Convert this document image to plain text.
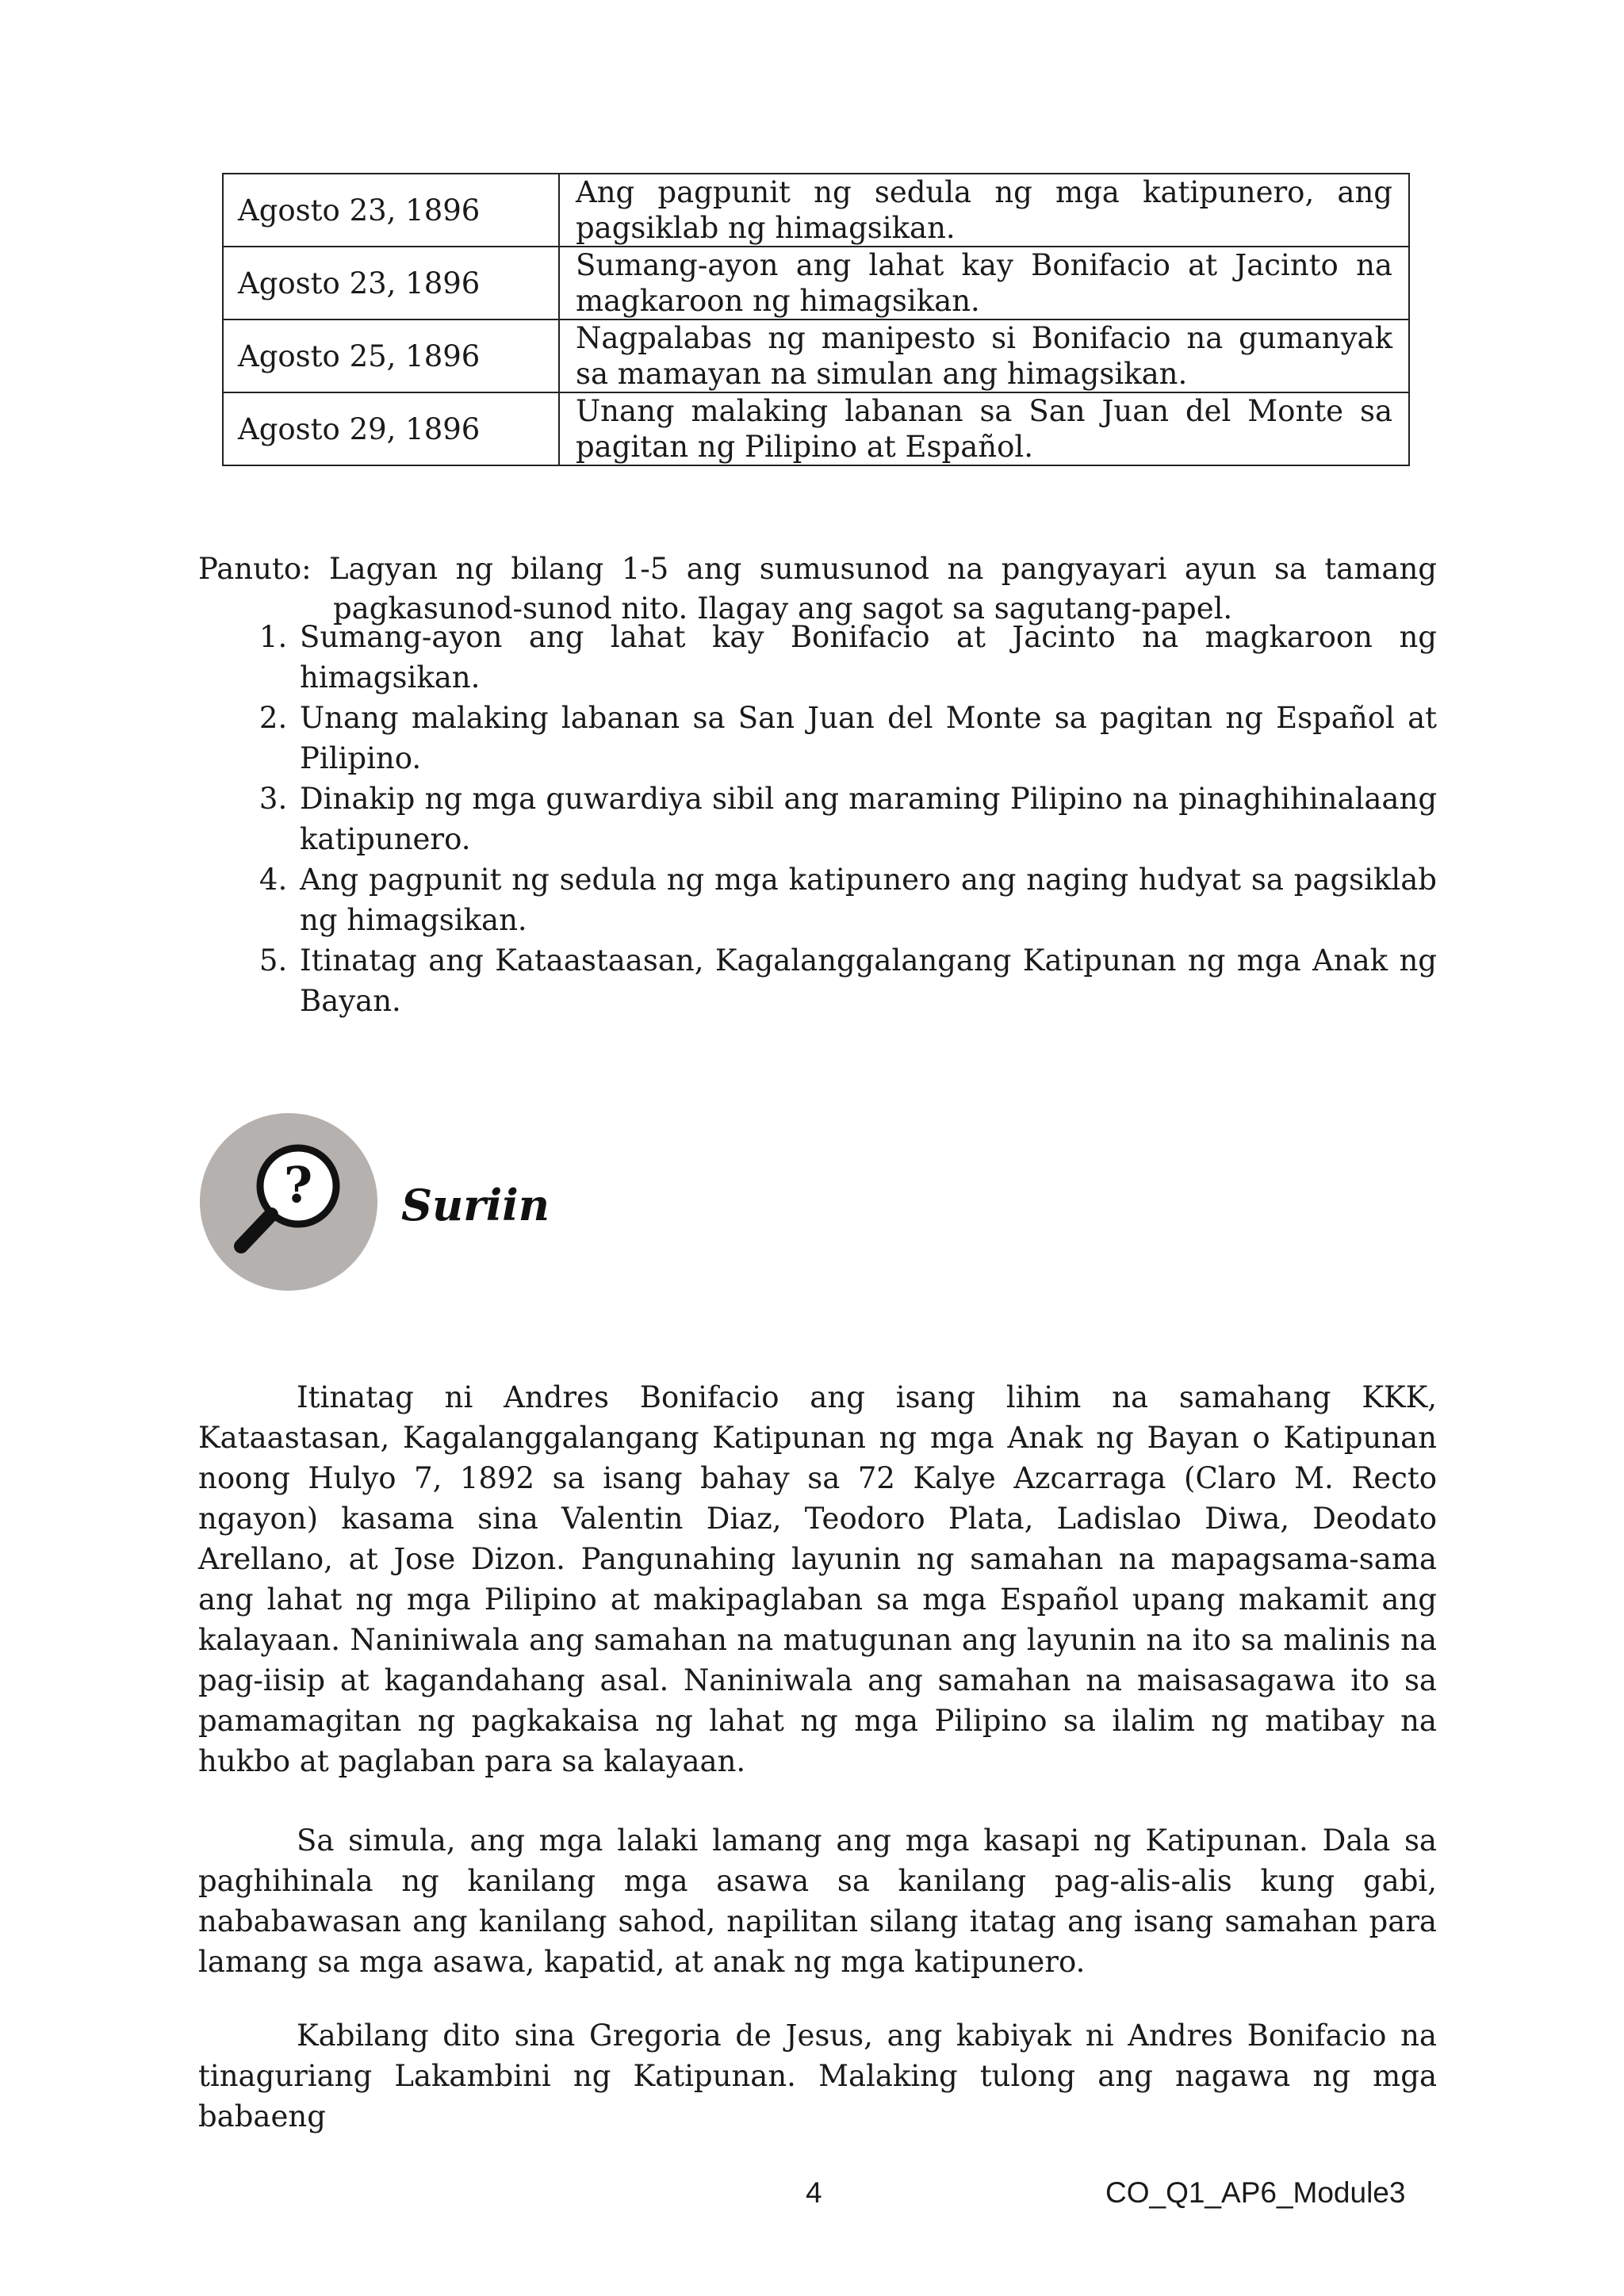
Agosto 23, 1896	Ang pagpunit ng sedula ng mga katipunero, ang pagsiklab ng himagsikan.
Agosto 23, 1896	Sumang-ayon ang lahat kay Bonifacio at Jacinto na magkaroon ng himagsikan.
Agosto 25, 1896	Nagpalabas ng manipesto si Bonifacio na gumanyak sa mamayan na simulan ang himagsikan.
Agosto 29, 1896	Unang malaking labanan sa San Juan del Monte sa pagitan ng Pilipino at Español.

Panuto: Lagyan ng bilang 1-5 ang sumusunod na pangyayari ayun sa tamang pagkasunod-sunod nito. Ilagay ang sagot sa sagutang-papel.

1. Sumang-ayon ang lahat kay Bonifacio at Jacinto na magkaroon ng himagsikan.
2. Unang malaking labanan sa San Juan del Monte sa pagitan ng Español at Pilipino.
3. Dinakip ng mga guwardiya sibil ang maraming Pilipino na pinaghihinalaang katipunero.
4. Ang pagpunit ng sedula ng mga katipunero ang naging hudyat sa pagsiklab ng himagsikan.
5. Itinatag ang Kataastaasan, Kagalanggalangang Katipunan ng mga Anak ng Bayan.
? Suriin

Itinatag ni Andres Bonifacio ang isang lihim na samahang KKK, Kataastasan, Kagalanggalangang Katipunan ng mga Anak ng Bayan o Katipunan noong Hulyo 7, 1892 sa isang bahay sa 72 Kalye Azcarraga (Claro M. Recto ngayon) kasama sina Valentin Diaz, Teodoro Plata, Ladislao Diwa, Deodato Arellano, at Jose Dizon. Pangunahing layunin ng samahan na mapagsama-sama ang lahat ng mga Pilipino at makipaglaban sa mga Español upang makamit ang kalayaan. Naniniwala ang samahan na matugunan ang layunin na ito sa malinis na pag-iisip at kagandahang asal. Naniniwala ang samahan na maisasagawa ito sa pamamagitan ng pagkakaisa ng lahat ng mga Pilipino sa ilalim ng matibay na hukbo at paglaban para sa kalayaan.

Sa simula, ang mga lalaki lamang ang mga kasapi ng Katipunan. Dala sa paghihinala ng kanilang mga asawa sa kanilang pag-alis-alis kung gabi, nababawasan ang kanilang sahod, napilitan silang itatag ang isang samahan para lamang sa mga asawa, kapatid, at anak ng mga katipunero.

Kabilang dito sina Gregoria de Jesus, ang kabiyak ni Andres Bonifacio na tinaguriang Lakambini ng Katipunan. Malaking tulong ang nagawa ng mga babaeng

4	CO_Q1_AP6_Module3
